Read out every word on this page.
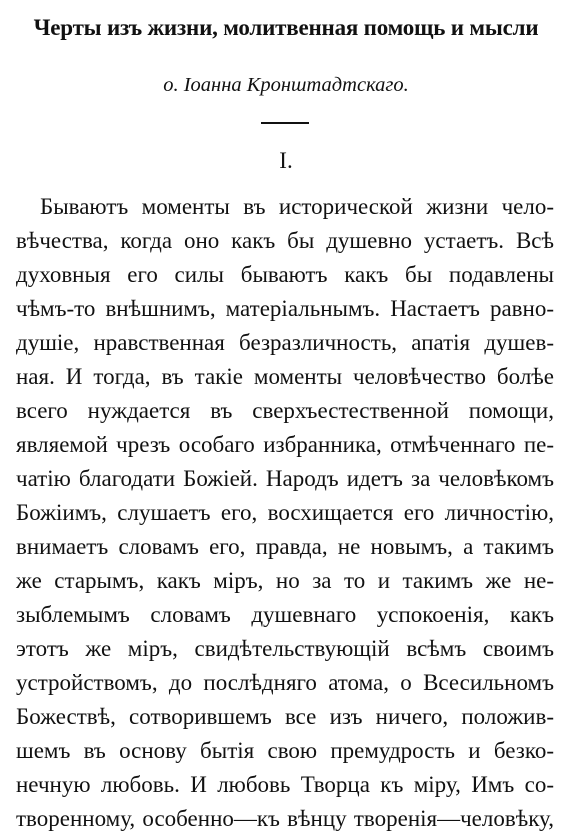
Черты изъ жизни, молитвенная помощь и мысли
о. Іоанна Кронштадтскаго.
I.
Бываютъ моменты въ исторической жизни чело-
вѣчества, когда оно какъ бы душевно устаетъ. Всѣ
духовныя его силы бываютъ какъ бы подавлены
чѣмъ-то внѣшнимъ, матеріальнымъ. Настаетъ равно-
душіе, нравственная безразличность, апатія душев-
ная. И тогда, въ такіе моменты человѣчество болѣе
всего нуждается въ сверхъестественной помощи,
являемой чрезъ особаго избранника, отмѣченнаго пе-
чатію благодати Божіей. Народъ идетъ за человѣкомъ
Божіимъ, слушаетъ его, восхищается его личностію,
внимаетъ словамъ его, правда, не новымъ, а такимъ
же старымъ, какъ міръ, но за то и такимъ же не-
зыблемымъ словамъ душевнаго успокоенія, какъ
этотъ же міръ, свидѣтельствующій всѣмъ своимъ
устройствомъ, до послѣдняго атома, о Всесильномъ
Божествѣ, сотворившемъ все изъ ничего, положив-
шемъ въ основу бытія свою премудрость и безко-
нечную любовь. И любовь Творца къ міру, Имъ со-
творенному, особенно—къ вѣнцу творенія—человѣку,
